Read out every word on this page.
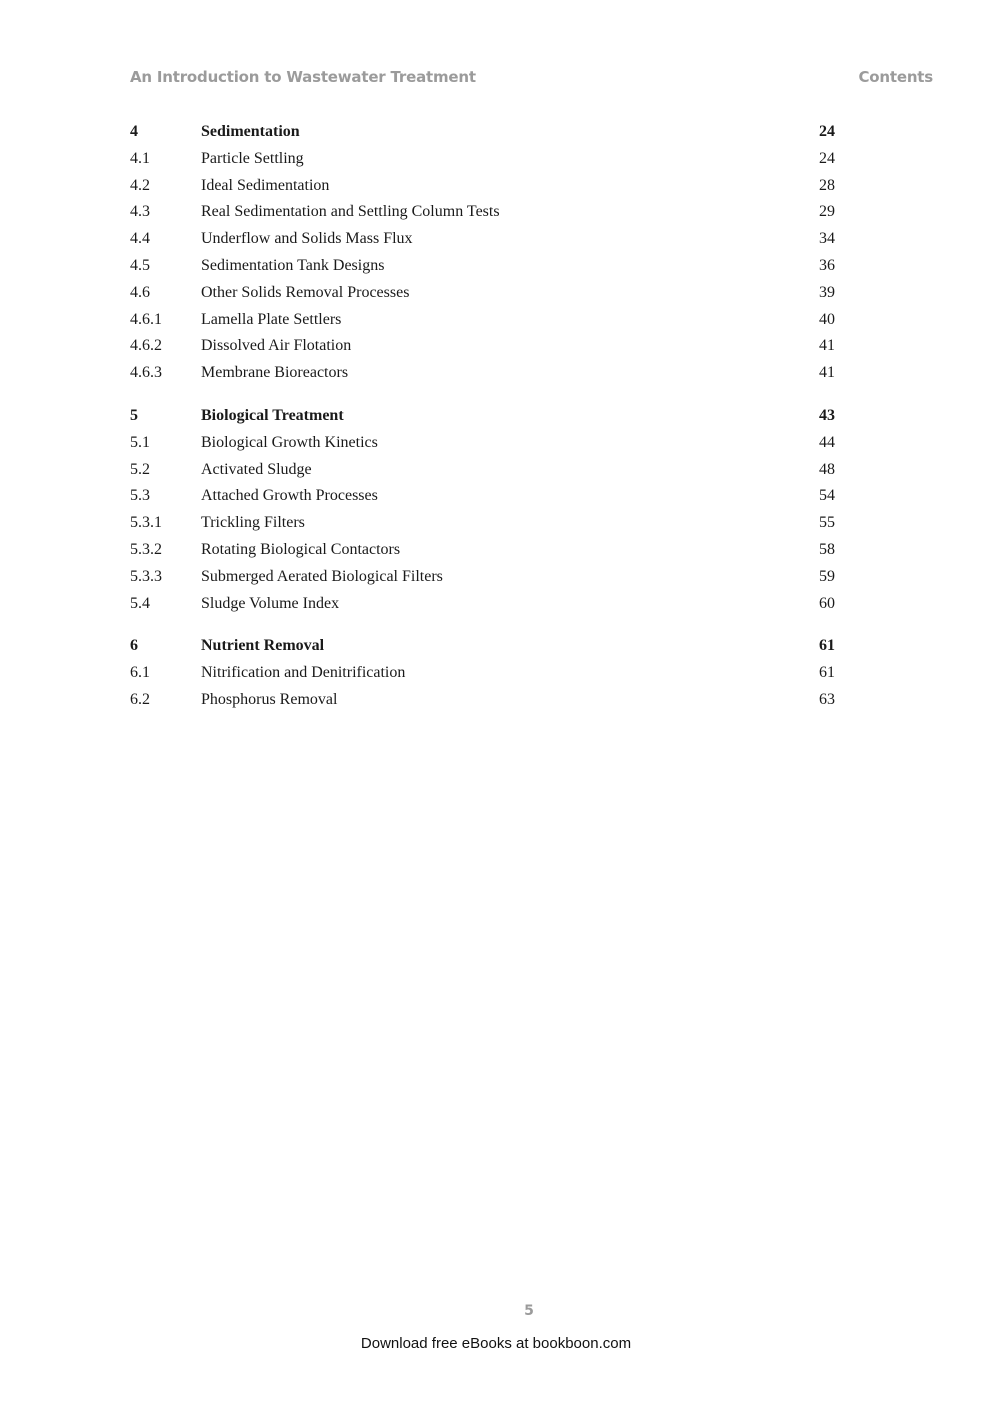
An Introduction to Wastewater Treatment	Contents
4	Sedimentation	24
4.1	Particle Settling	24
4.2	Ideal Sedimentation	28
4.3	Real Sedimentation and Settling Column Tests	29
4.4	Underflow and Solids Mass Flux	34
4.5	Sedimentation Tank Designs	36
4.6	Other Solids Removal Processes	39
4.6.1 Lamella Plate Settlers	40
4.6.2 Dissolved Air Flotation	41
4.6.3 Membrane Bioreactors	41
5	Biological Treatment	43
5.1	Biological Growth Kinetics	44
5.2	Activated Sludge	48
5.3	Attached Growth Processes	54
5.3.1 Trickling Filters	55
5.3.2 Rotating Biological Contactors	58
5.3.3 Submerged Aerated Biological Filters	59
5.4	Sludge Volume Index	60
6	Nutrient Removal	61
6.1	Nitrification and Denitrification	61
6.2	Phosphorus Removal	63
5
Download free eBooks at bookboon.com
